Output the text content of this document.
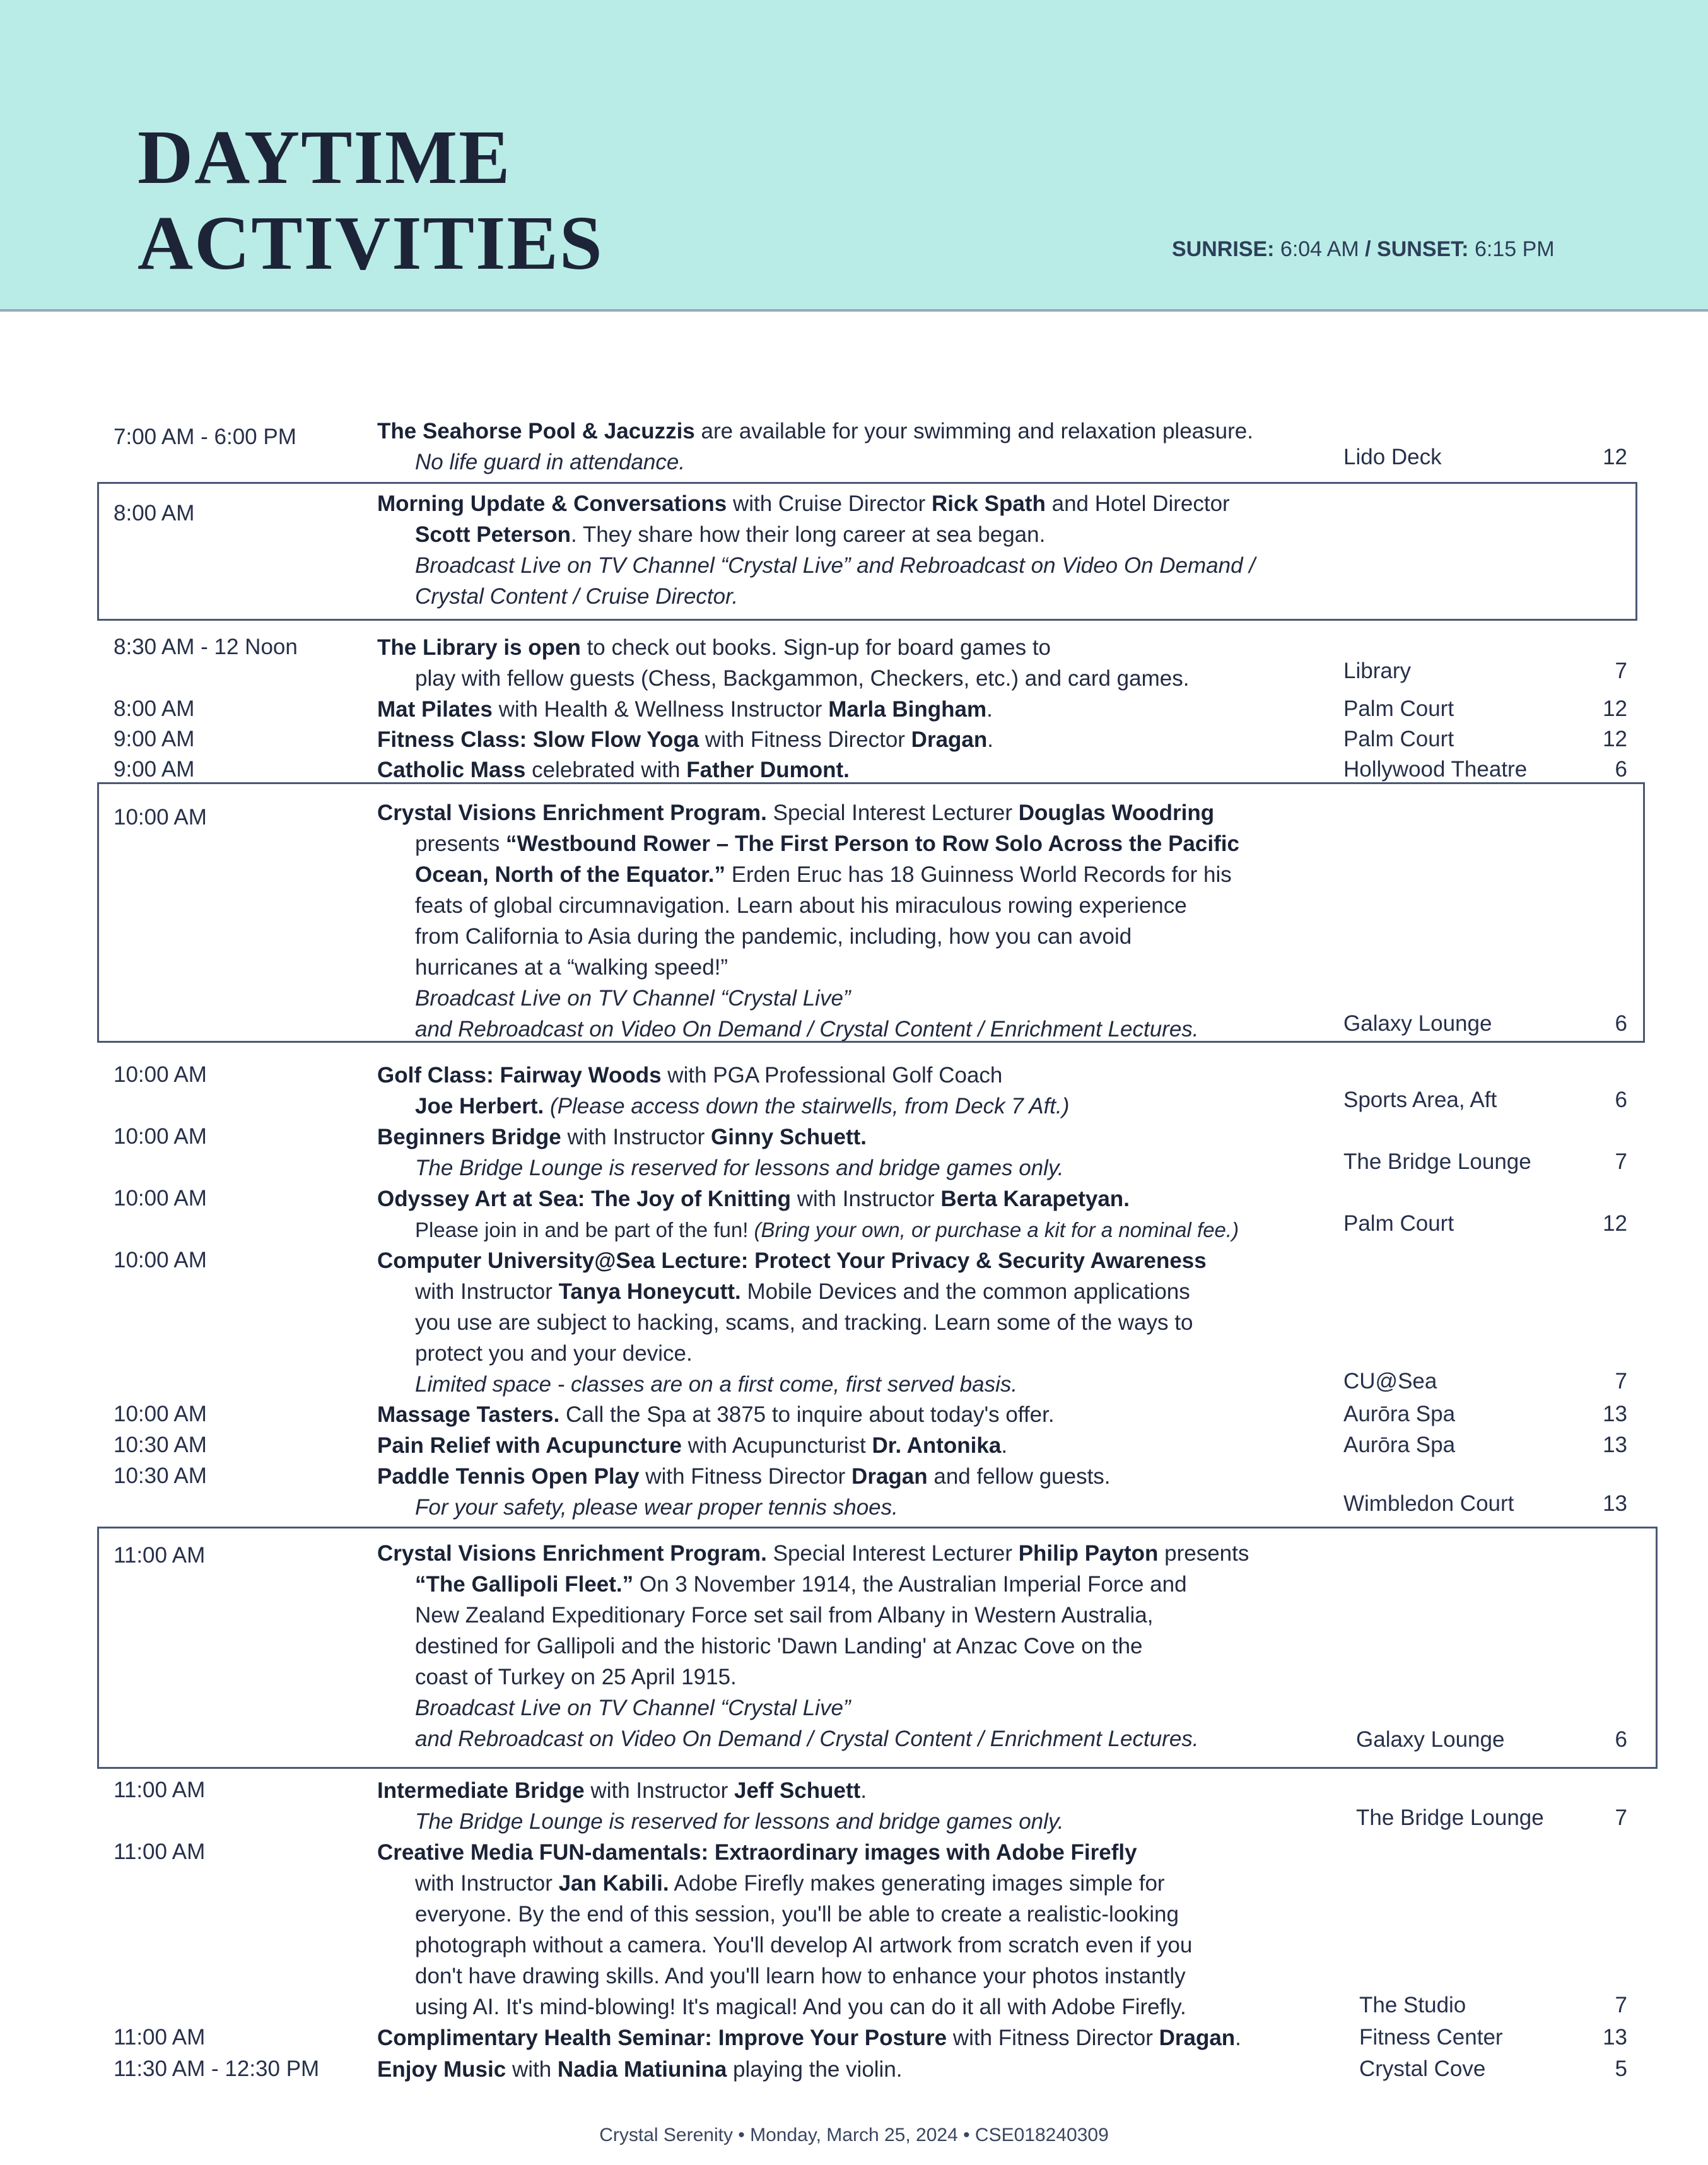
DAYTIME
ACTIVITIES	SUNRISE: 6:04 AM / SUNSET: 6:15 PM
7:00 AM - 6:00 PM	The Seahorse Pool & Jacuzzis are available for your swimming and relaxation pleasure.
No life guard in attendance.	Lido Deck	12
8:00 AM	Morning Update & Conversations with Cruise Director Rick Spath and Hotel Director
Scott Peterson. They share how their long career at sea began.
Broadcast Live on TV Channel “Crystal Live” and Rebroadcast on Video On Demand /
Crystal Content / Cruise Director.
8:30 AM - 12 Noon	The Library is open to check out books. Sign-up for board games to
play with fellow guests (Chess, Backgammon, Checkers, etc.) and card games.	Library	7
8:00 AM	Mat Pilates with Health & Wellness Instructor Marla Bingham.	Palm Court	12
9:00 AM	Fitness Class: Slow Flow Yoga with Fitness Director Dragan.	Palm Court	12
9:00 AM	Catholic Mass celebrated with Father Dumont.	Hollywood Theatre	6
10:00 AM	Crystal Visions Enrichment Program. Special Interest Lecturer Douglas Woodring
presents “Westbound Rower – The First Person to Row Solo Across the Pacific
Ocean, North of the Equator.” Erden Eruc has 18 Guinness World Records for his
feats of global circumnavigation. Learn about his miraculous rowing experience
from California to Asia during the pandemic, including, how you can avoid
hurricanes at a “walking speed!”
Broadcast Live on TV Channel “Crystal Live”
and Rebroadcast on Video On Demand / Crystal Content / Enrichment Lectures.	Galaxy Lounge	6
10:00 AM	Golf Class: Fairway Woods with PGA Professional Golf Coach
Joe Herbert. (Please access down the stairwells, from Deck 7 Aft.)	Sports Area, Aft	6
10:00 AM	Beginners Bridge with Instructor Ginny Schuett.
The Bridge Lounge is reserved for lessons and bridge games only.	The Bridge Lounge	7
10:00 AM	Odyssey Art at Sea: The Joy of Knitting with Instructor Berta Karapetyan.
Please join in and be part of the fun! (Bring your own, or purchase a kit for a nominal fee.)	Palm Court	12
10:00 AM	Computer University@Sea Lecture: Protect Your Privacy & Security Awareness
with Instructor Tanya Honeycutt. Mobile Devices and the common applications
you use are subject to hacking, scams, and tracking. Learn some of the ways to
protect you and your device.
Limited space - classes are on a first come, first served basis.	CU@Sea	7
10:00 AM	Massage Tasters. Call the Spa at 3875 to inquire about today's offer.	Aurōra Spa	13
10:30 AM	Pain Relief with Acupuncture with Acupuncturist Dr. Antonika.	Aurōra Spa	13
10:30 AM	Paddle Tennis Open Play with Fitness Director Dragan and fellow guests.
For your safety, please wear proper tennis shoes.	Wimbledon Court	13
11:00 AM	Crystal Visions Enrichment Program. Special Interest Lecturer Philip Payton presents
“The Gallipoli Fleet.” On 3 November 1914, the Australian Imperial Force and
New Zealand Expeditionary Force set sail from Albany in Western Australia,
destined for Gallipoli and the historic 'Dawn Landing' at Anzac Cove on the
coast of Turkey on 25 April 1915.
Broadcast Live on TV Channel “Crystal Live”
and Rebroadcast on Video On Demand / Crystal Content / Enrichment Lectures.	Galaxy Lounge	6
11:00 AM	Intermediate Bridge with Instructor Jeff Schuett.
The Bridge Lounge is reserved for lessons and bridge games only.	The Bridge Lounge	7
11:00 AM	Creative Media FUN-damentals: Extraordinary images with Adobe Firefly
with Instructor Jan Kabili. Adobe Firefly makes generating images simple for
everyone. By the end of this session, you'll be able to create a realistic-looking
photograph without a camera. You'll develop AI artwork from scratch even if you
don't have drawing skills. And you'll learn how to enhance your photos instantly
using AI. It's mind-blowing! It's magical! And you can do it all with Adobe Firefly.	The Studio	7
11:00 AM	Complimentary Health Seminar: Improve Your Posture with Fitness Director Dragan.	Fitness Center	13
11:30 AM - 12:30 PM	Enjoy Music with Nadia Matiunina playing the violin.	Crystal Cove	5
Crystal Serenity • Monday, March 25, 2024 • CSE018240309
